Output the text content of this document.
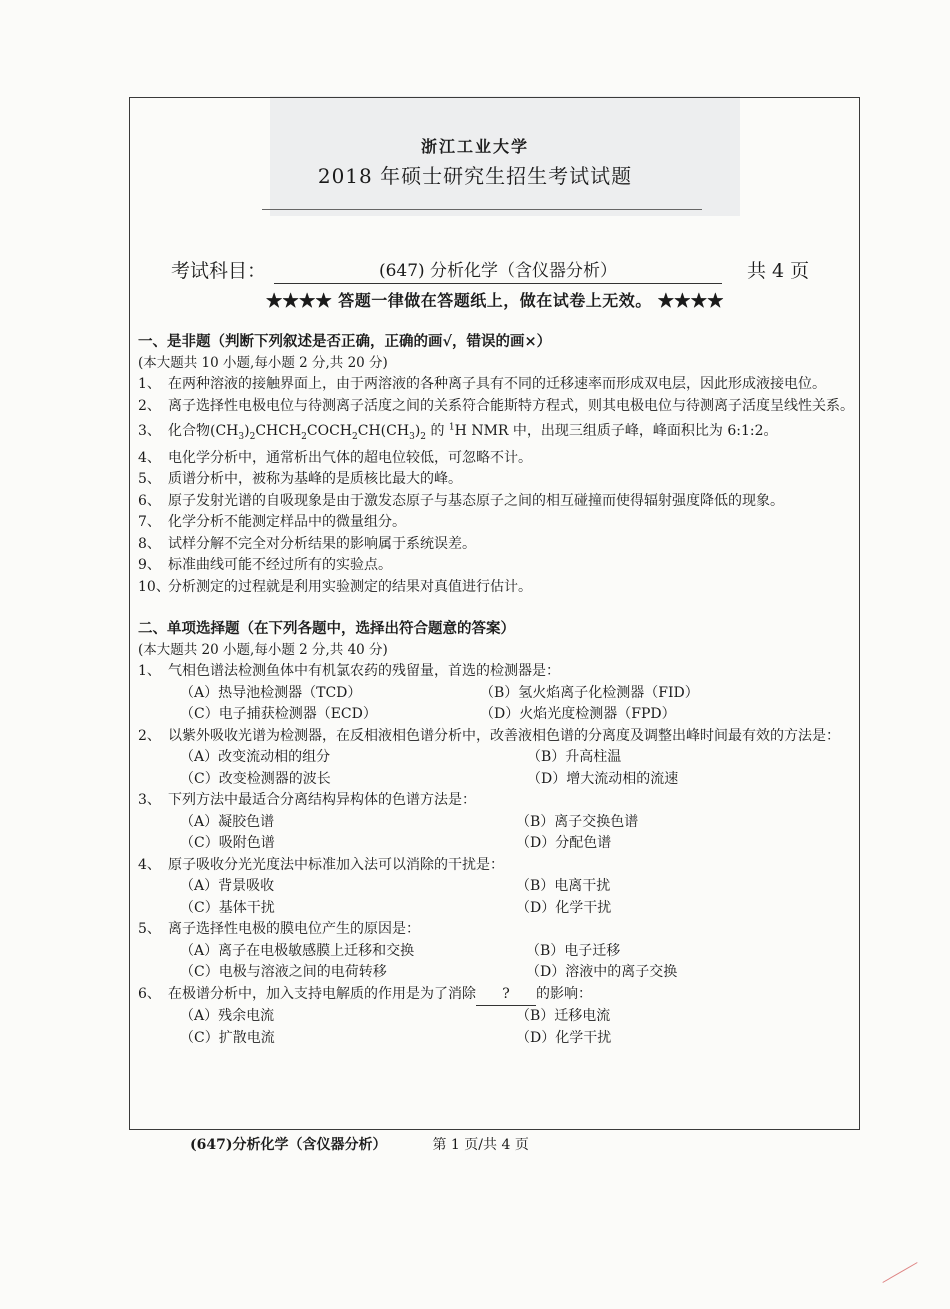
浙江工业大学
2018 年硕士研究生招生考试试题
考试科目：	(647) 分析化学（含仪器分析）	共 4 页
★★★★ 答题一律做在答题纸上，做在试卷上无效。 ★★★★
一、是非题（判断下列叙述是否正确，正确的画√，错误的画×）
(本大题共 10 小题,每小题 2 分,共 20 分)
1、 在两种溶液的接触界面上，由于两溶液的各种离子具有不同的迁移速率而形成双电层，因此形成液接电位。
2、 离子选择性电极电位与待测离子活度之间的关系符合能斯特方程式，则其电极电位与待测离子活度呈线性关系。
3、 化合物$(CH_3)_2CHCH_2COCH_2CH(CH_3)_2$ 的 $^1$H NMR 中，出现三组质子峰，峰面积比为 6:1:2。
4、 电化学分析中，通常析出气体的超电位较低，可忽略不计。
5、 质谱分析中，被称为基峰的是质核比最大的峰。
6、 原子发射光谱的自吸现象是由于激发态原子与基态原子之间的相互碰撞而使得辐射强度降低的现象。
7、 化学分析不能测定样品中的微量组分。
8、 试样分解不完全对分析结果的影响属于系统误差。
9、 标准曲线可能不经过所有的实验点。
10、分析测定的过程就是利用实验测定的结果对真值进行估计。
二、单项选择题（在下列各题中，选择出符合题意的答案）
(本大题共 20 小题,每小题 2 分,共 40 分)
1、 气相色谱法检测鱼体中有机氯农药的残留量，首选的检测器是：
（A）热导池检测器（TCD）	（B）氢火焰离子化检测器（FID）
（C）电子捕获检测器（ECD）	（D）火焰光度检测器（FPD）
2、 以紫外吸收光谱为检测器，在反相液相色谱分析中，改善液相色谱的分离度及调整出峰时间最有效的方法是：
（A）改变流动相的组分	（B）升高柱温
（C）改变检测器的波长	（D）增大流动相的流速
3、 下列方法中最适合分离结构异构体的色谱方法是：
（A）凝胶色谱	（B）离子交换色谱
（C）吸附色谱	（D）分配色谱
4、 原子吸收分光光度法中标准加入法可以消除的干扰是：
（A）背景吸收	（B）电离干扰
（C）基体干扰	（D）化学干扰
5、 离子选择性电极的膜电位产生的原因是：
（A）离子在电极敏感膜上迁移和交换	（B）电子迁移
（C）电极与溶液之间的电荷转移	（D）溶液中的离子交换
6、 在极谱分析中，加入支持电解质的作用是为了消除 ? 的影响：
（A）残余电流	（B）迁移电流
（C）扩散电流	（D）化学干扰
(647)分析化学（含仪器分析）	第 1 页/共 4 页
